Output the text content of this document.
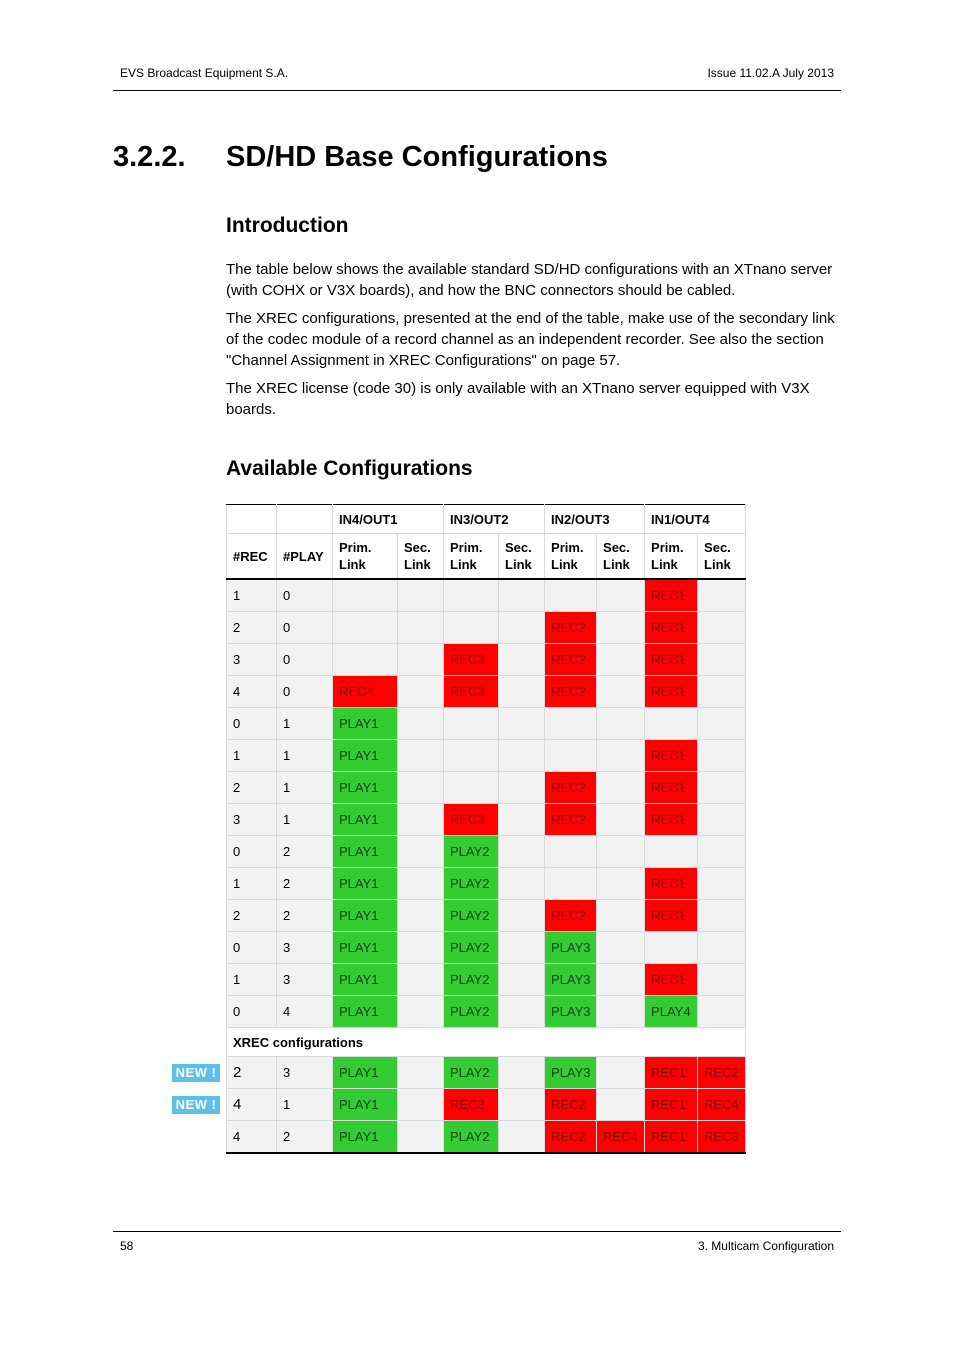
EVS Broadcast Equipment S.A.	Issue 11.02.A July 2013
3.2.2. SD/HD Base Configurations
Introduction

The table below shows the available standard SD/HD configurations with an XTnano server (with COHX or V3X boards), and how the BNC connectors should be cabled.

The XREC configurations, presented at the end of the table, make use of the secondary link of the codec module of a record channel as an independent recorder. See also the section "Channel Assignment in XREC Configurations" on page 57.

The XREC license (code 30) is only available with an XTnano server equipped with V3X boards.

Available Configurations
		IN4/OUT1		IN3/OUT2		IN2/OUT3		IN1/OUT4	
#REC	#PLAY	Prim. Link	Sec. Link	Prim. Link	Sec. Link	Prim. Link	Sec. Link	Prim. Link	Sec. Link
1	0							REC1	
2	0					REC2		REC1	
3	0			REC3		REC2		REC1	
4	0	REC4		REC3		REC2		REC1	
0	1	PLAY1							
1	1	PLAY1						REC1	
2	1	PLAY1				REC2		REC1	
3	1	PLAY1		REC3		REC2		REC1	
0	2	PLAY1		PLAY2					
1	2	PLAY1		PLAY2				REC1	
2	2	PLAY1		PLAY2		REC2		REC1	
0	3	PLAY1		PLAY2		PLAY3			
1	3	PLAY1		PLAY2		PLAY3		REC1	
0	4	PLAY1		PLAY2		PLAY3		PLAY4	
XREC configurations									
2	3	PLAY1		PLAY2		PLAY3		REC1	REC2
4	1	PLAY1		REC3		REC2		REC1	REC4
4	2	PLAY1		PLAY2		REC2	REC4	REC1	REC3
NEW !
NEW !
58	3. Multicam Configuration
